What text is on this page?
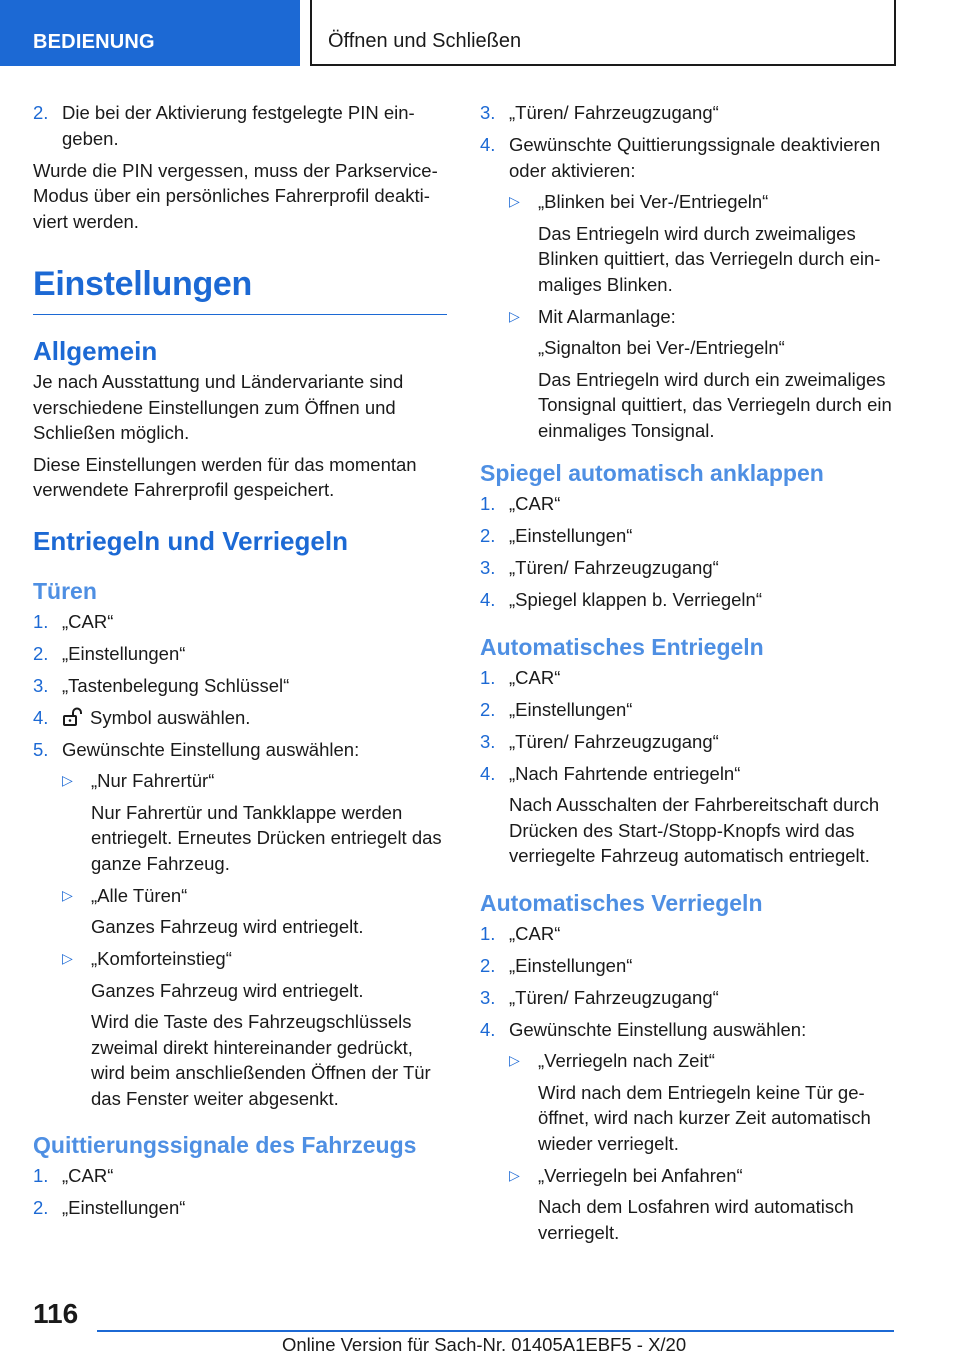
BEDIENUNG	Öffnen und Schließen
2. Die bei der Aktivierung festgelegte PIN ein-geben.

Wurde die PIN vergessen, muss der Parkservice-Modus über ein persönliches Fahrerprofil deakti-viert werden.

Einstellungen
Allgemein

Je nach Ausstattung und Ländervariante sind verschiedene Einstellungen zum Öffnen und Schließen möglich.

Diese Einstellungen werden für das momentan verwendete Fahrerprofil gespeichert.

Entriegeln und Verriegeln
Türen
1. „CAR“
2. „Einstellungen“
3. „Tastenbelegung Schlüssel“
4. Symbol auswählen.
5. Gewünschte Einstellung auswählen:
▷ „Nur Fahrertür“
Nur Fahrertür und Tankklappe werden entriegelt. Erneutes Drücken entriegelt das ganze Fahrzeug.
▷ „Alle Türen“
Ganzes Fahrzeug wird entriegelt.
▷ „Komforteinstieg“
Ganzes Fahrzeug wird entriegelt.
Wird die Taste des Fahrzeugschlüssels zweimal direkt hintereinander gedrückt, wird beim anschließenden Öffnen der Tür das Fenster weiter abgesenkt.
Quittierungssignale des Fahrzeugs
1. „CAR“
2. „Einstellungen“
3. „Türen/ Fahrzeugzugang“
4. Gewünschte Quittierungssignale deaktivieren oder aktivieren:
▷ „Blinken bei Ver-/Entriegeln“
Das Entriegeln wird durch zweimaliges Blinken quittiert, das Verriegeln durch ein-maliges Blinken.
▷ Mit Alarmanlage:
„Signalton bei Ver-/Entriegeln“
Das Entriegeln wird durch ein zweimaliges Tonsignal quittiert, das Verriegeln durch ein einmaliges Tonsignal.
Spiegel automatisch anklappen
1. „CAR“
2. „Einstellungen“
3. „Türen/ Fahrzeugzugang“
4. „Spiegel klappen b. Verriegeln“
Automatisches Entriegeln
1. „CAR“
2. „Einstellungen“
3. „Türen/ Fahrzeugzugang“
4. „Nach Fahrtende entriegeln“
Nach Ausschalten der Fahrbereitschaft durch Drücken des Start-/Stopp-Knopfs wird das verriegelte Fahrzeug automatisch entriegelt.
Automatisches Verriegeln
1. „CAR“
2. „Einstellungen“
3. „Türen/ Fahrzeugzugang“
4. Gewünschte Einstellung auswählen:
▷ „Verriegeln nach Zeit“
Wird nach dem Entriegeln keine Tür ge-öffnet, wird nach kurzer Zeit automatisch wieder verriegelt.
▷ „Verriegeln bei Anfahren“
Nach dem Losfahren wird automatisch verriegelt.
116
Online Version für Sach-Nr. 01405A1EBF5 - X/20
